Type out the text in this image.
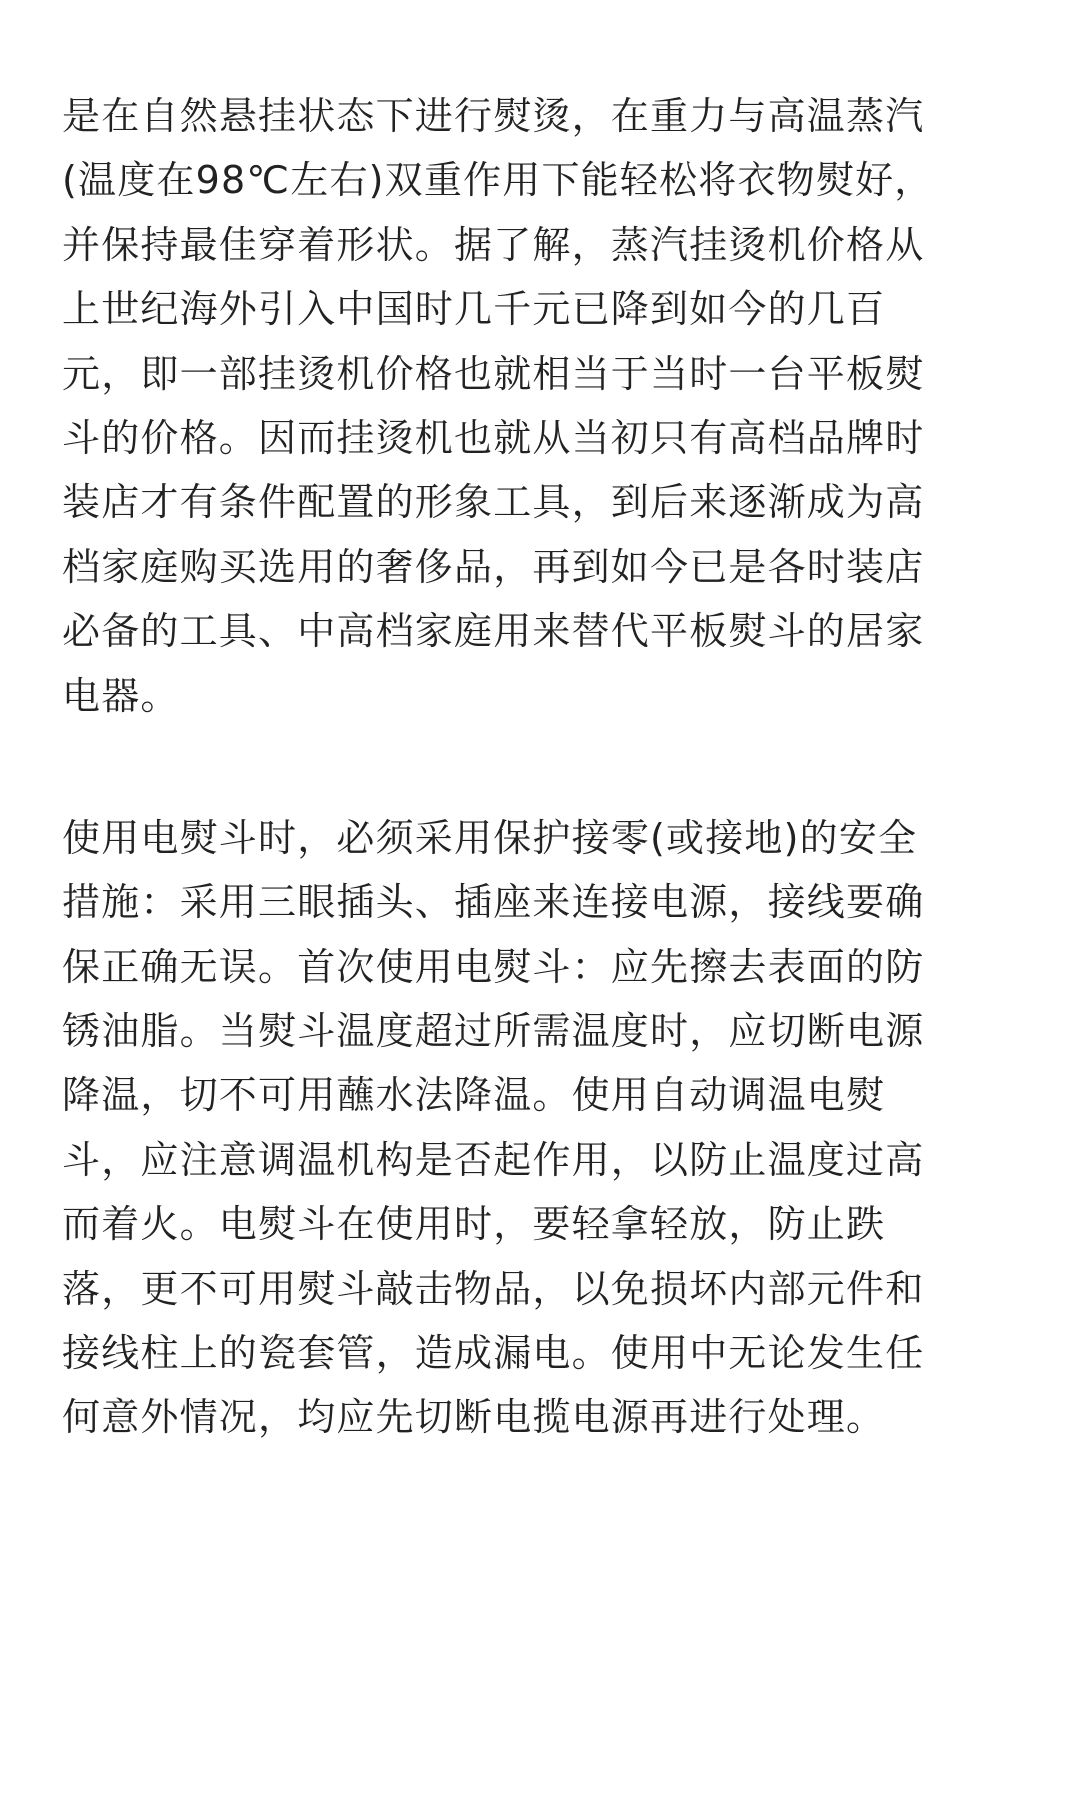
是在自然悬挂状态下进行熨烫，在重力与高温蒸汽
(温度在98℃左右)双重作用下能轻松将衣物熨好，
并保持最佳穿着形状。据了解，蒸汽挂烫机价格从
上世纪海外引入中国时几千元已降到如今的几百
元，即一部挂烫机价格也就相当于当时一台平板熨
斗的价格。因而挂烫机也就从当初只有高档品牌时
装店才有条件配置的形象工具，到后来逐渐成为高
档家庭购买选用的奢侈品，再到如今已是各时装店
必备的工具、中高档家庭用来替代平板熨斗的居家
电器。

使用电熨斗时，必须采用保护接零(或接地)的安全
措施：采用三眼插头、插座来连接电源，接线要确
保正确无误。首次使用电熨斗：应先擦去表面的防
锈油脂。当熨斗温度超过所需温度时，应切断电源
降温，切不可用蘸水法降温。使用自动调温电熨
斗，应注意调温机构是否起作用，以防止温度过高
而着火。电熨斗在使用时，要轻拿轻放，防止跌
落，更不可用熨斗敲击物品，以免损坏内部元件和
接线柱上的瓷套管，造成漏电。使用中无论发生任
何意外情况，均应先切断电揽电源再进行处理。
